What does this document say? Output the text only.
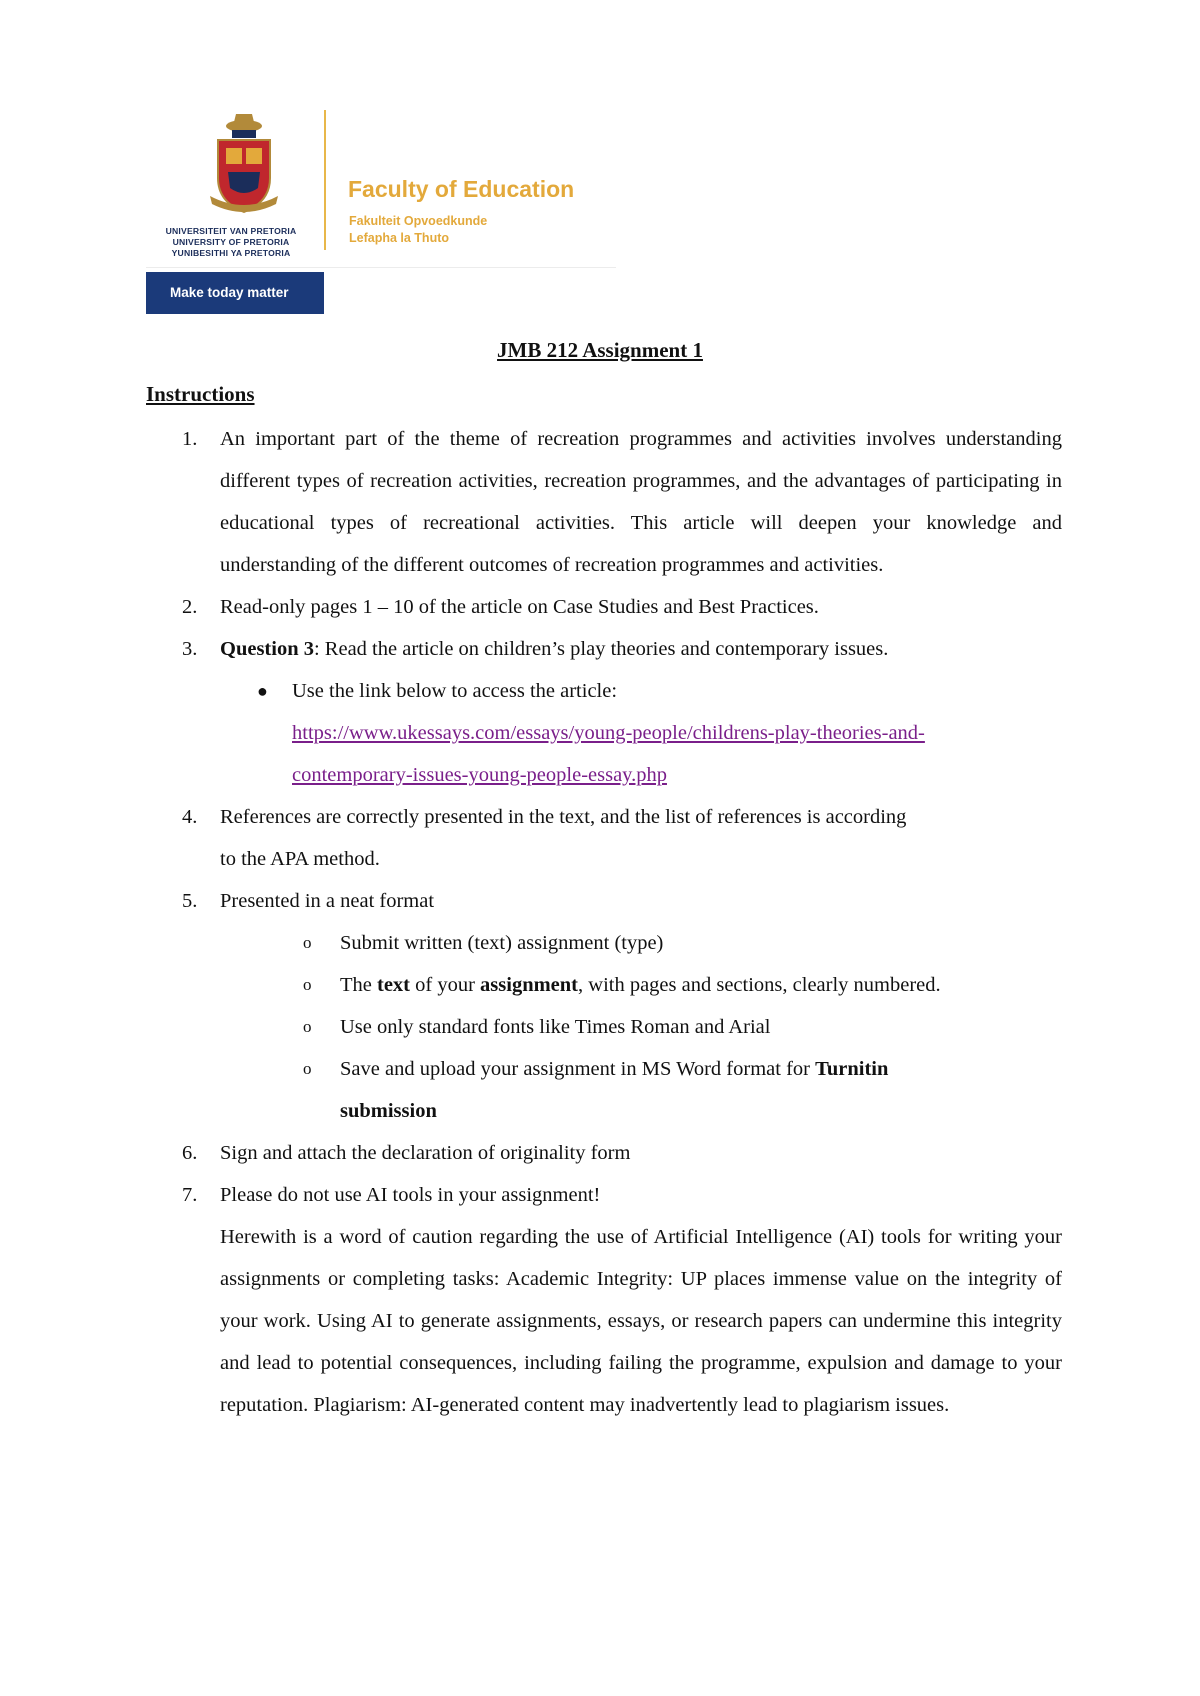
UNIVERSITEIT VAN PRETORIA
UNIVERSITY OF PRETORIA
YUNIBESITHI YA PRETORIA
Faculty of Education
Fakulteit Opvoedkunde
Lefapha la Thuto
Make today matter
JMB 212 Assignment 1
Instructions
1. An important part of the theme of recreation programmes and activities involves understanding different types of recreation activities, recreation programmes, and the advantages of participating in educational types of recreational activities. This article will deepen your knowledge and understanding of the different outcomes of recreation programmes and activities.
2. Read-only pages 1 – 10 of the article on Case Studies and Best Practices.
3. Question 3: Read the article on children’s play theories and contemporary issues.
● Use the link below to access the article:
https://www.ukessays.com/essays/young-people/childrens-play-theories-and-
contemporary-issues-young-people-essay.php
4. References are correctly presented in the text, and the list of references is according
to the APA method.
5. Presented in a neat format
o Submit written (text) assignment (type)
o The text of your assignment, with pages and sections, clearly numbered.
o Use only standard fonts like Times Roman and Arial
o Save and upload your assignment in MS Word format for Turnitin
submission
6. Sign and attach the declaration of originality form
7. Please do not use AI tools in your assignment!
Herewith is a word of caution regarding the use of Artificial Intelligence (AI) tools for writing your assignments or completing tasks: Academic Integrity: UP places immense value on the integrity of your work. Using AI to generate assignments, essays, or research papers can undermine this integrity and lead to potential consequences, including failing the programme, expulsion and damage to your reputation. Plagiarism: AI-generated content may inadvertently lead to plagiarism issues.
